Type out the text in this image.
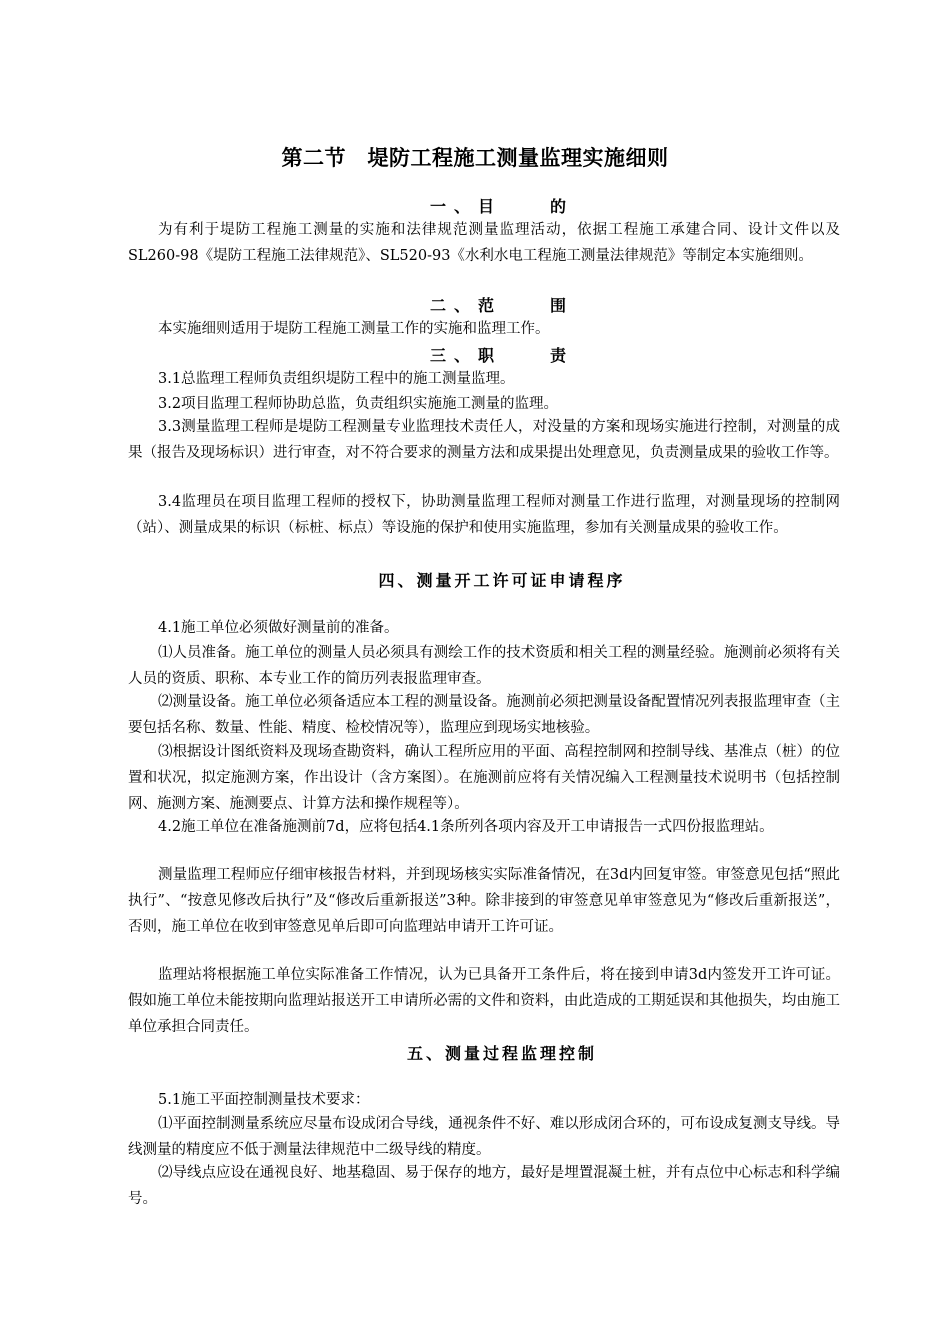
第二节　堤防工程施工测量监理实施细则
一、目　　的
为有利于堤防工程施工测量的实施和法律规范测量监理活动，依据工程施工承建合同、设计文件以及SL260-98《堤防工程施工法律规范》、SL520-93《水利水电工程施工测量法律规范》等制定本实施细则。
二、范　　围
本实施细则适用于堤防工程施工测量工作的实施和监理工作。
三、职　　责
3.1总监理工程师负责组织堤防工程中的施工测量监理。
3.2项目监理工程师协助总监，负责组织实施施工测量的监理。
3.3测量监理工程师是堤防工程测量专业监理技术责任人，对没量的方案和现场实施进行控制，对测量的成果（报告及现场标识）进行审查，对不符合要求的测量方法和成果提出处理意见，负责测量成果的验收工作等。
3.4监理员在项目监理工程师的授权下，协助测量监理工程师对测量工作进行监理，对测量现场的控制网（站）、测量成果的标识（标桩、标点）等设施的保护和使用实施监理，参加有关测量成果的验收工作。
四、测量开工许可证申请程序
4.1施工单位必须做好测量前的准备。
⑴人员准备。施工单位的测量人员必须具有测绘工作的技术资质和相关工程的测量经验。施测前必须将有关人员的资质、职称、本专业工作的简历列表报监理审查。
⑵测量设备。施工单位必须备适应本工程的测量设备。施测前必须把测量设备配置情况列表报监理审查（主要包括名称、数量、性能、精度、检校情况等），监理应到现场实地核验。
⑶根据设计图纸资料及现场查勘资料，确认工程所应用的平面、高程控制网和控制导线、基准点（桩）的位置和状况，拟定施测方案，作出设计（含方案图）。在施测前应将有关情况编入工程测量技术说明书（包括控制网、施测方案、施测要点、计算方法和操作规程等）。
4.2施工单位在准备施测前7d，应将包括4.1条所列各项内容及开工申请报告一式四份报监理站。
测量监理工程师应仔细审核报告材料，并到现场核实实际准备情况，在3d内回复审签。审签意见包括“照此执行”、“按意见修改后执行”及“修改后重新报送”3种。除非接到的审签意见单审签意见为“修改后重新报送”，否则，施工单位在收到审签意见单后即可向监理站申请开工许可证。
监理站将根据施工单位实际准备工作情况，认为已具备开工条件后，将在接到申请3d内签发开工许可证。假如施工单位未能按期向监理站报送开工申请所必需的文件和资料，由此造成的工期延误和其他损失，均由施工单位承担合同责任。
五、测量过程监理控制
5.1施工平面控制测量技术要求：
⑴平面控制测量系统应尽量布设成闭合导线，通视条件不好、难以形成闭合环的，可布设成复测支导线。导线测量的精度应不低于测量法律规范中二级导线的精度。
⑵导线点应设在通视良好、地基稳固、易于保存的地方，最好是埋置混凝土桩，并有点位中心标志和科学编号。
